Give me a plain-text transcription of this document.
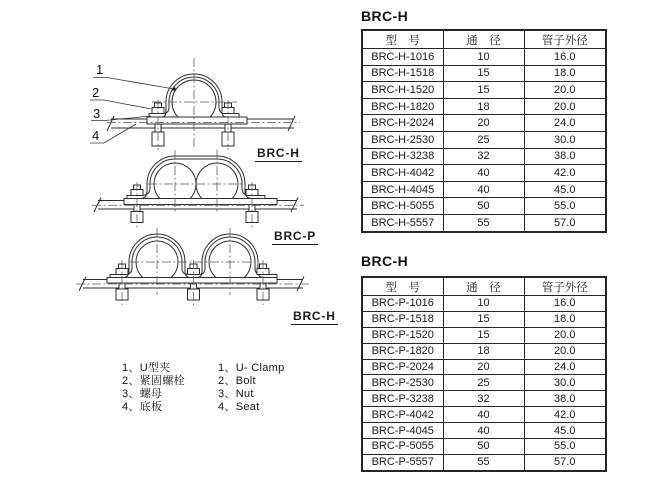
1
2
3
4
BRC-H
BRC-P
BRC-H
1、U型夹
2、紧固螺栓
3、螺母
4、底板
1、U- Clamp
2、Bolt
3、Nut
4、Seat
BRC-H
型　号	通　径	管子外径
BRC-H-1016	10	16.0
BRC-H-1518	15	18.0
BRC-H-1520	15	20.0
BRC-H-1820	18	20.0
BRC-H-2024	20	24.0
BRC-H-2530	25	30.0
BRC-H-3238	32	38.0
BRC-H-4042	40	42.0
BRC-H-4045	40	45.0
BRC-H-5055	50	55.0
BRC-H-5557	55	57.0
BRC-H
型　号	通　径	管子外径
BRC-P-1016	10	16.0
BRC-P-1518	15	18.0
BRC-P-1520	15	20.0
BRC-P-1820	18	20.0
BRC-P-2024	20	24.0
BRC-P-2530	25	30.0
BRC-P-3238	32	38.0
BRC-P-4042	40	42.0
BRC-P-4045	40	45.0
BRC-P-5055	50	55.0
BRC-P-5557	55	57.0
